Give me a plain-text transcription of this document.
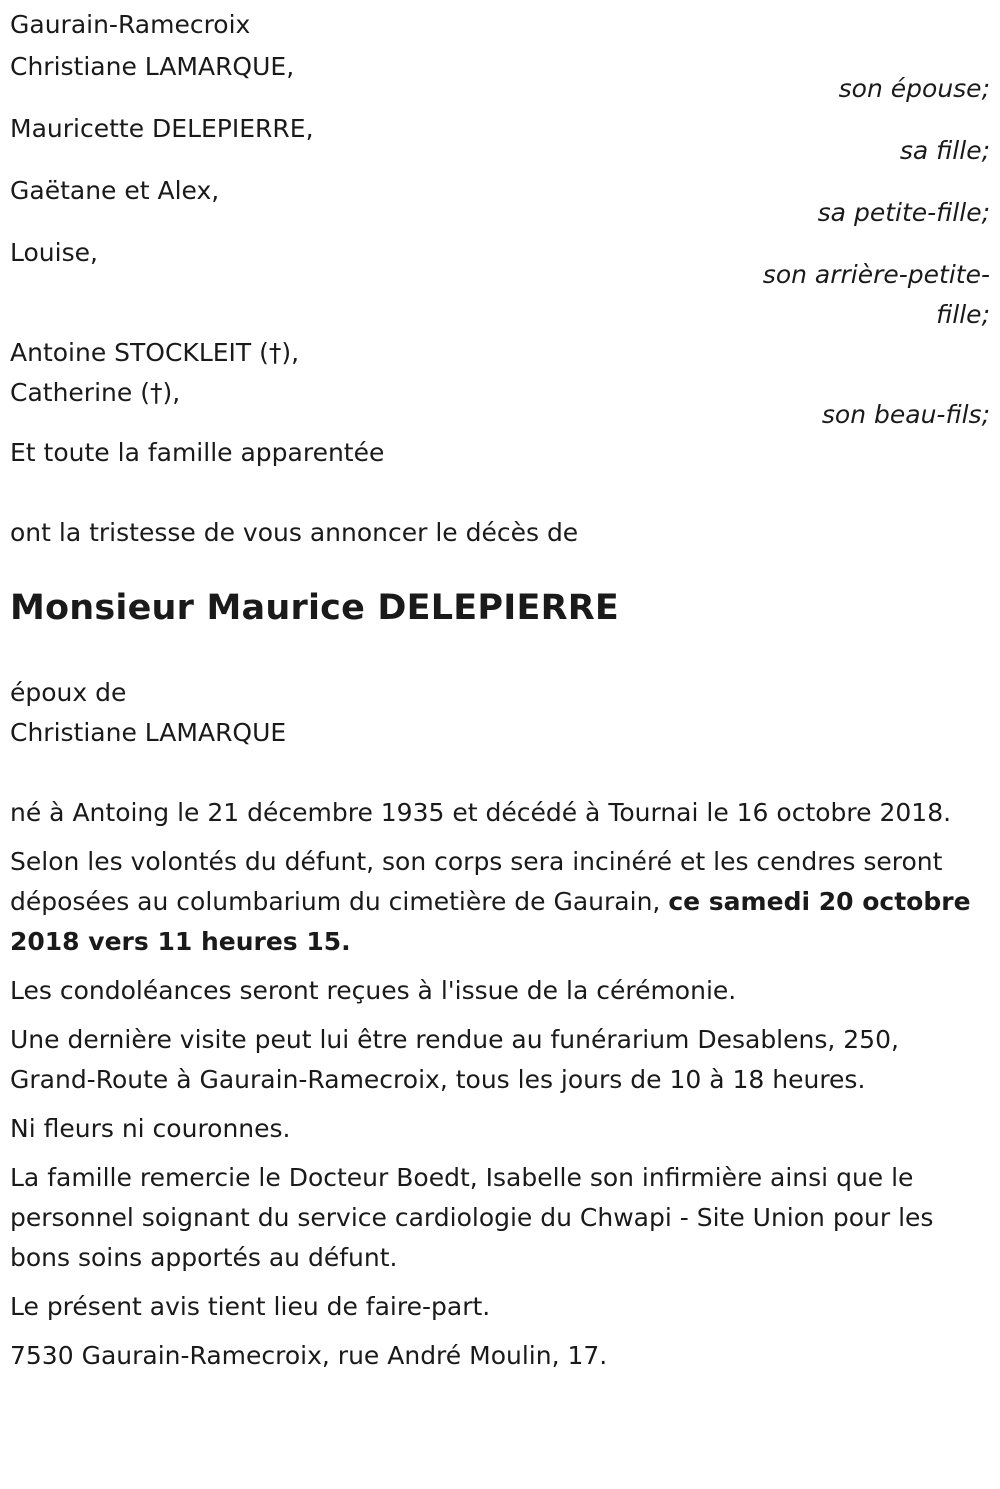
Gaurain-Ramecroix
Christiane LAMARQUE,
son épouse;
Mauricette DELEPIERRE,
sa fille;
Gaëtane et Alex,
sa petite-fille;
Louise,
son arrière-petite-
fille;
Antoine STOCKLEIT (†),
Catherine (†),
son beau-fils;
Et toute la famille apparentée
ont la tristesse de vous annoncer le décès de
Monsieur Maurice DELEPIERRE
époux de
Christiane LAMARQUE

né à Antoing le 21 décembre 1935 et décédé à Tournai le 16 octobre 2018.

Selon les volontés du défunt, son corps sera incinéré et les cendres seront déposées au columbarium du cimetière de Gaurain, ce samedi 20 octobre 2018 vers 11 heures 15.

Les condoléances seront reçues à l'issue de la cérémonie.

Une dernière visite peut lui être rendue au funérarium Desablens, 250, Grand-Route à Gaurain-Ramecroix, tous les jours de 10 à 18 heures.

Ni fleurs ni couronnes.

La famille remercie le Docteur Boedt, Isabelle son infirmière ainsi que le personnel soignant du service cardiologie du Chwapi - Site Union pour les bons soins apportés au défunt.

Le présent avis tient lieu de faire-part.

7530 Gaurain-Ramecroix, rue André Moulin, 17.
